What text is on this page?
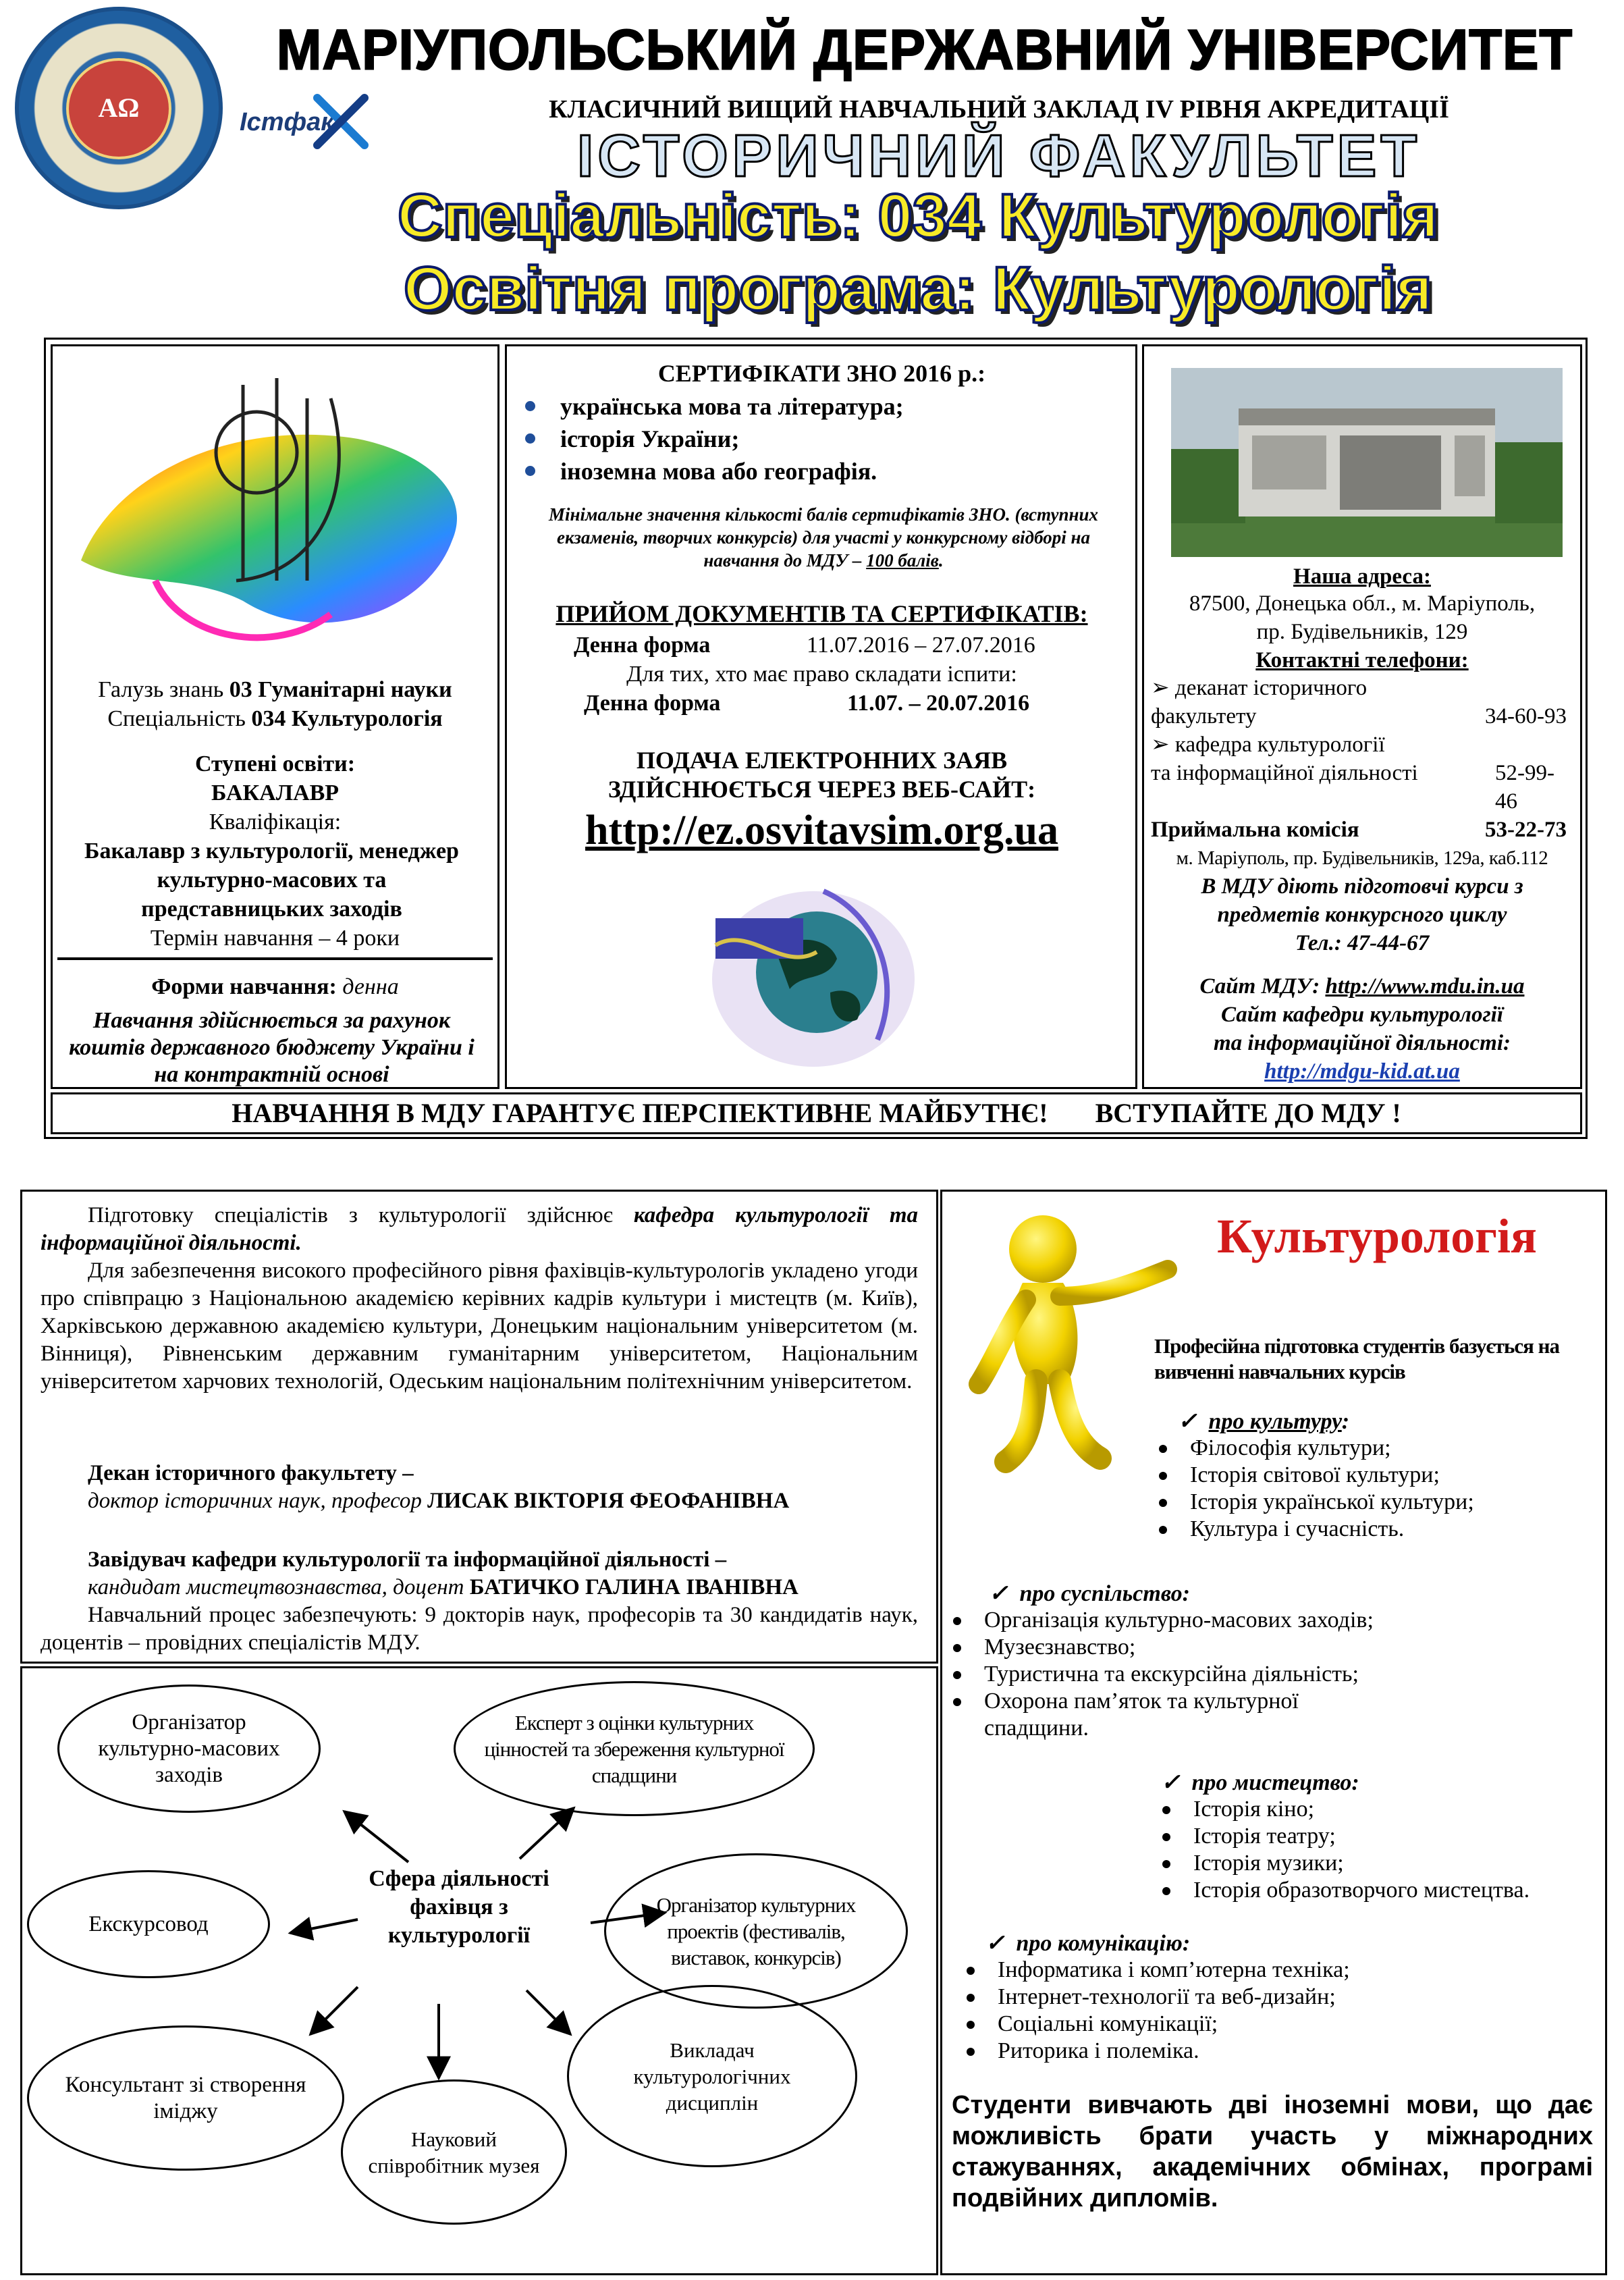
ΑΩ	Істфак
МАРІУПОЛЬСЬКИЙ ДЕРЖАВНИЙ УНІВЕРСИТЕТ
КЛАСИЧНИЙ ВИЩИЙ НАВЧАЛЬНИЙ ЗАКЛАД IV РІВНЯ АКРЕДИТАЦІЇ
ІСТОРИЧНИЙ ФАКУЛЬТЕТ
Спеціальність: 034 Культурологія
Освітня програма: Культурологія
Галузь знань 03 Гуманітарні науки
Спеціальність 034 Культурологія
Ступені освіти:
БАКАЛАВР
Кваліфікація:
Бакалавр з культурології, менеджер культурно-масових та представницьких заходів
Термін навчання – 4 роки
Форми навчання: денна
Навчання здійснюється за рахунок коштів державного бюджету України і на контрактній основі
СЕРТИФІКАТИ ЗНО 2016 р.:
українська мова та література;
історія України;
іноземна мова або географія.
Мінімальне значення кількості балів сертифікатів ЗНО. (вступних екзаменів, творчих конкурсів) для участі у конкурсному відборі на навчання до МДУ – 100 балів.
ПРИЙОМ ДОКУМЕНТІВ ТА СЕРТИФІКАТІВ:
Денна форма	11.07.2016 – 27.07.2016
Для тих, хто має право складати іспити:
Денна форма	11.07. – 20.07.2016
ПОДАЧА ЕЛЕКТРОННИХ ЗАЯВ
ЗДІЙСНЮЄТЬСЯ ЧЕРЕЗ ВЕБ-САЙТ:
http://ez.osvitavsim.org.ua
Наша адреса:
87500, Донецька обл., м. Маріуполь,
пр. Будівельників, 129
Контактні телефони:
➢ деканат історичного
факультету	34-60-93
➢ кафедра культурології
та інформаційної діяльності	52-99-46
Приймальна комісія	53-22-73
м. Маріуполь, пр. Будівельників, 129а, каб.112
В МДУ діють підготовчі курси з
предметів конкурсного циклу
Тел.: 47-44-67
Сайт МДУ: http://www.mdu.in.ua
Сайт кафедри культурології
та інформаційної діяльності:
http://mdgu-kid.at.ua
НАВЧАННЯ В МДУ ГАРАНТУЄ ПЕРСПЕКТИВНЕ МАЙБУТНЄ! ВСТУПАЙТЕ ДО МДУ !
Підготовку спеціалістів з культурології здійснює кафедра культурології та інформаційної діяльності.
Для забезпечення високого професійного рівня фахівців-культурологів укладено угоди про співпрацю з Національною академією керівних кадрів культури і мистецтв (м. Київ), Харківською державною академією культури, Донецьким національним університетом (м. Вінниця), Рівненським державним гуманітарним університетом, Національним університетом харчових технологій, Одеським національним політехнічним університетом.
Декан історичного факультету –
доктор історичних наук, професор ЛИСАК ВІКТОРІЯ ФЕОФАНІВНА
Завідувач кафедри культурології та інформаційної діяльності –
кандидат мистецтвознавства, доцент БАТИЧКО ГАЛИНА ІВАНІВНА
Навчальний процес забезпечують: 9 докторів наук, професорів та 30 кандидатів наук, доцентів – провідних спеціалістів МДУ.
Організатор культурно-масових заходів
Експерт з оцінки культурних цінностей та збереження культурної спадщини
Екскурсовод
Організатор культурних проектів (фестивалів, виставок, конкурсів)
Консультант зі створення іміджу
Науковий співробітник музея
Викладач культурологічних дисциплін
Сфера діяльності фахівця з культурології
Культурологія
Професійна підготовка студентів базується на вивченні навчальних курсів
✓  про культуру:
Філософія культури;
Історія світової культури;
Історія української культури;
Культура і сучасність.
✓  про суспільство:
Організація культурно-масових заходів;
Музеєзнавство;
Туристична та екскурсійна діяльність;
Охорона пам’яток та культурної спадщини.
✓  про мистецтво:
Історія кіно;
Історія театру;
Історія музики;
Історія образотворчого мистецтва.
✓  про комунікацію:
Інформатика і комп’ютерна техніка;
Інтернет-технології та веб-дизайн;
Соціальні комунікації;
Риторика і полеміка.
Студенти вивчають дві іноземні мови, що дає можливість брати участь у міжнародних стажуваннях, академічних обмінах, програмі подвійних дипломів.
